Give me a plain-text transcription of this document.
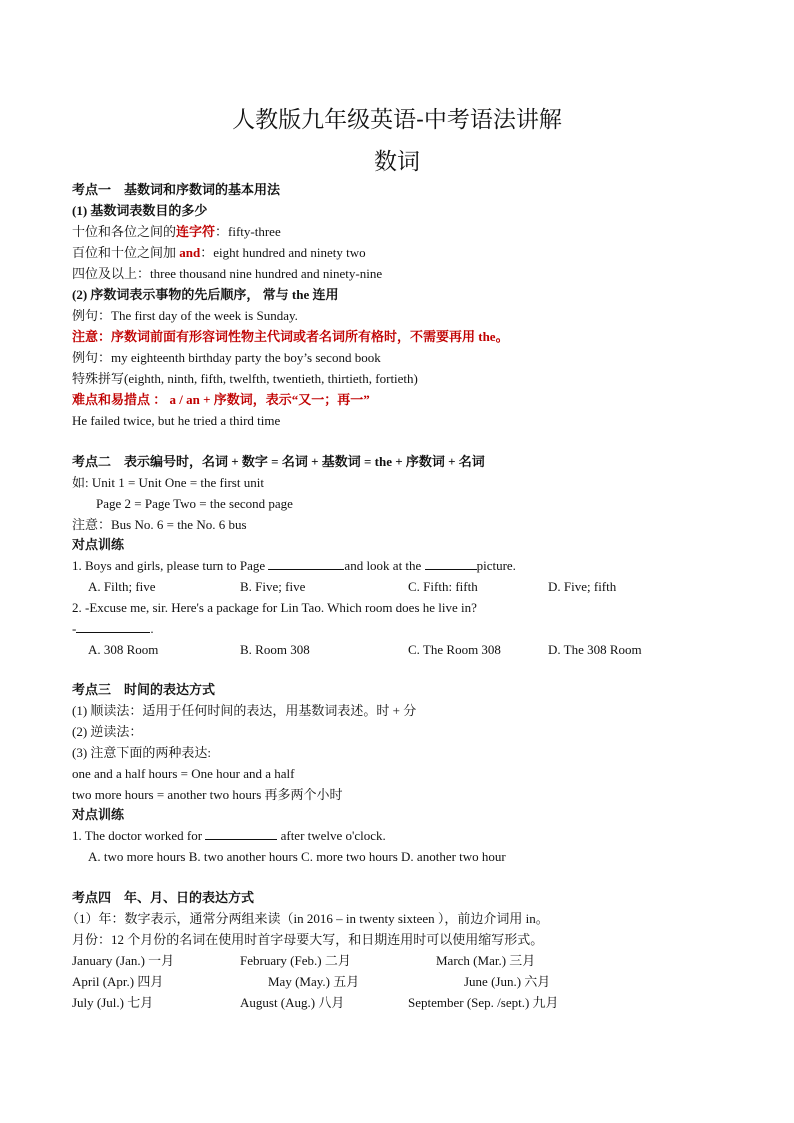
人教版九年级英语-中考语法讲解
数词
考点一　基数词和序数词的基本用法
(1) 基数词表数目的多少
十位和各位之间的连字符：fifty-three
百位和十位之间加 and：eight hundred and ninety two
四位及以上：three thousand nine hundred and ninety-nine
(2) 序数词表示事物的先后顺序， 常与 the 连用
例句：The first day of the week is Sunday.
注意：序数词前面有形容词性物主代词或者名词所有格时，不需要再用 the。
例句：my eighteenth birthday party the boy’s second book
特殊拼写(eighth, ninth, fifth, twelfth, twentieth, thirtieth, fortieth)
难点和易措点 ： a / an + 序数词，表示“又一；再一”
He failed twice, but he tried a third time
考点二　表示编号时，名词 + 数字 = 名词 + 基数词 = the + 序数词 + 名词
如: Unit 1 = Unit One = the first unit
Page 2 = Page Two = the second page
注意：Bus No. 6 = the No. 6 bus
对点训练
1. Boys and girls, please turn to Page	and look at the	picture.
A. Filth; five	B. Five; five	C. Fifth: fifth	D. Five; fifth
2. -Excuse me, sir. Here's a package for Lin Tao. Which room does he live in?
-	.
A. 308 Room	B. Room 308	C. The Room 308	D. The 308 Room
考点三　时间的表达方式
(1) 顺读法：适用于任何时间的表达，用基数词表述。时 + 分
(2) 逆读法：
(3) 注意下面的两种表达:
one and a half hours = One hour and a half
two more hours = another two hours 再多两个小时
对点训练
1. The doctor worked for	after twelve o'clock.
A. two more hours B. two another hours C. more two hours D. another two hour
考点四　年、月、日的表达方式
（1）年：数字表示，通常分两组来读（in 2016 – in twenty sixteen ），前边介词用 in。
月份：12 个月份的名词在使用时首字母要大写，和日期连用时可以使用缩写形式。
January (Jan.) 一月	February (Feb.) 二月	March (Mar.) 三月
April (Apr.) 四月	May (May.) 五月	June (Jun.) 六月
July (Jul.) 七月	August (Aug.) 八月	September (Sep. /sept.) 九月
